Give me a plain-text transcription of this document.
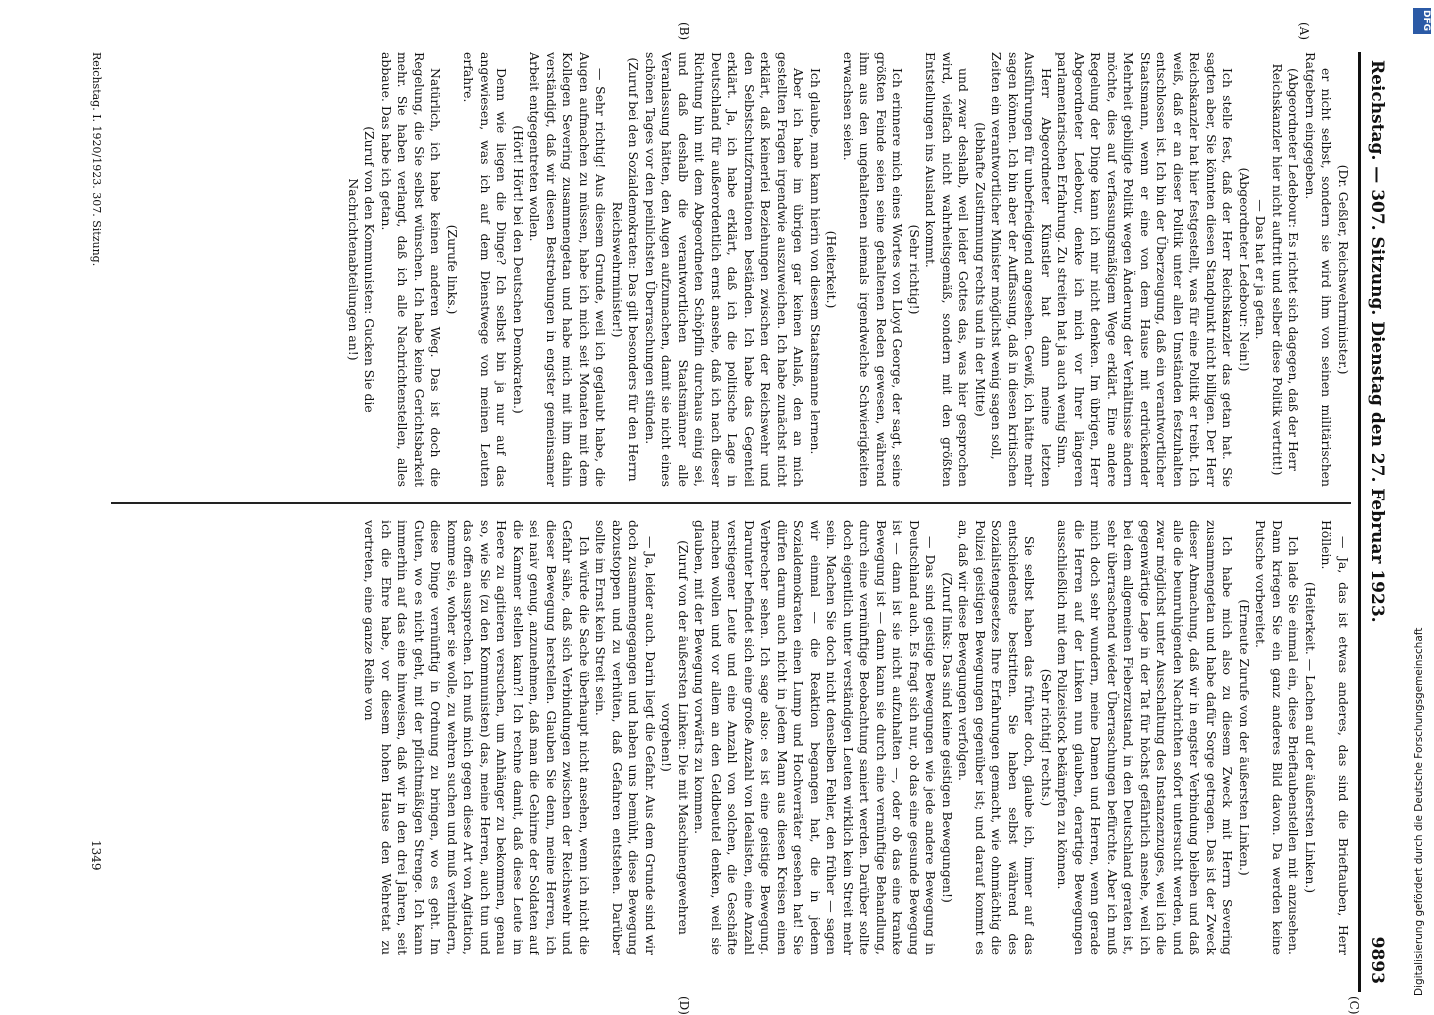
Reichstag. — 307. Sitzung. Dienstag den 27. Februar 1923.
9893

(Dr. Geßler, Reichswehrminister.)

er nicht selbst, sondern sie wird ihm von seinen militärischen Ratgebern eingegeben.

(Abgeordneter Ledebour: Es richtet sich dagegen, daß der Herr Reichskanzler hier nicht auftritt und selber diese Politik vertritt!)

— Das hat er ja getan.

(Abgeordneter Ledebour: Nein!)

Ich stelle fest, daß der Herr Reichskanzler das getan hat. Sie sagten aber, Sie könnten diesen Standpunkt nicht billigen. Der Herr Reichskanzler hat hier festgestellt, was für eine Politik er treibt. Ich weiß, daß er an dieser Politik unter allen Umständen festzuhalten entschlossen ist. Ich bin der Überzeugung, daß ein verantwortlicher Staatsmann, wenn er eine von dem Hause mit erdrückender Mehrheit gebilligte Politik wegen Änderung der Verhältnisse ändern möchte, dies auf verfassungsmäßigem Wege erklärt. Eine andere Regelung der Dinge kann ich mir nicht denken. Im übrigen, Herr Abgeordneter Ledebour, denke ich mich vor Ihrer längeren parlamentarischen Erfahrung. Zu streiten hat ja auch wenig Sinn.

Herr Abgeordneter Künstler hat dann meine letzten Ausführungen für unbefriedigend angesehen. Gewiß, ich hätte mehr sagen können. Ich bin aber der Auffassung, daß in diesen kritischen Zeiten ein verantwortlicher Minister möglichst wenig sagen soll,

(lebhafte Zustimmung rechts und in der Mitte)

und zwar deshalb, weil leider Gottes das, was hier gesprochen wird, vielfach nicht wahrheitsgemäß, sondern mit den größten Entstellungen ins Ausland kommt.

(Sehr richtig!)

Ich erinnere mich eines Wortes von Lloyd George, der sagt, seine größten Feinde seien seine gehaltenen Reden gewesen, während ihm aus den ungehaltenen niemals irgendwelche Schwierigkeiten erwachsen seien.

(Heiterkeit.)

Ich glaube, man kann hierin von diesem Staatsmanne lernen.

Aber ich habe im übrigen gar keinen Anlaß, den an mich gestellten Fragen irgendwie auszuweichen. Ich habe zunächst nicht erklärt, daß keinerlei Beziehungen zwischen der Reichswehr und den Selbstschutzformationen beständen. Ich habe das Gegenteil erklärt. Ja, ich habe erklärt, daß ich die politische Lage in Deutschland für außerordentlich ernst ansehe, daß ich nach dieser Richtung hin mit dem Abgeordneten Schöpflin durchaus einig sei, und daß deshalb die verantwortlichen Staatsmänner alle Veranlassung hätten, den Augen aufzumachen, damit sie nicht eines schönen Tages vor den peinlichsten Überraschungen stünden.

(Zuruf bei den Sozialdemokraten: Das gilt besonders für den Herrn Reichswehrminister!)

— Sehr richtig! Aus diesem Grunde, weil ich geglaubt habe, die Augen aufmachen zu müssen, habe ich mich seit Monaten mit dem Kollegen Severing zusammengetan und habe mich mit ihm dahin verständigt, daß wir diesen Bestrebungen in engster gemeinsamer Arbeit entgegentreten wollen.

(Hört! Hört! bei den Deutschen Demokraten.)

Denn wie liegen die Dinge? Ich selbst bin ja nur auf das angewiesen, was ich auf dem Dienstwege von meinen Leuten erfahre.

(Zurufe links.)

Natürlich, ich habe keinen anderen Weg. Das ist doch die Regelung, die Sie selbst wünschen. Ich habe keine Gerichtsbarkeit mehr. Sie haben verlangt, daß ich alle Nachrichtenstellen, alles abbaue. Das habe ich getan.

(Zuruf von den Kommunisten: Gucken Sie die Nachrichtenabteilungen an!)

— Ja, das ist etwas anderes, das sind die Brieftauben, Herr Höllein.

(Heiterkeit. — Lachen auf der äußersten Linken.)

Ich lade Sie einmal ein, diese Brieftaubenstellen mit anzusehen. Dann kriegen Sie ein ganz anderes Bild davon. Da werden keine Putsche vorbereitet.

(Erneute Zurufe von der äußersten Linken.)

Ich habe mich also zu diesem Zweck mit Herrn Severing zusammengetan und habe dafür Sorge getragen. Das ist der Zweck dieser Abmachung, daß wir in engster Verbindung bleiben und daß alle die beunruhigenden Nachrichten sofort untersucht werden, und zwar möglichst unter Ausschaltung des Instanzenzuges, weil ich die gegenwärtige Lage in der Tat für höchst gefährlich ansehe, weil ich bei dem allgemeinen Fieberzustand, in den Deutschland geraten ist, sehr überraschend wieder Überraschungen befürchte. Aber ich muß mich doch sehr wundern, meine Damen und Herren, wenn gerade die Herren auf der Linken nun glauben, derartige Bewegungen ausschließlich mit dem Polizeistock bekämpfen zu können.

(Sehr richtig! rechts.)

Sie selbst haben das früher doch, glaube ich, immer auf das entschiedenste bestritten. Sie haben selbst während des Sozialistengesetzes Ihre Erfahrungen gemacht, wie ohnmächtig die Polizei geistigen Bewegungen gegenüber ist; und darauf kommt es an, daß wir diese Bewegungen verfolgen.

(Zuruf links: Das sind keine geistigen Bewegungen!)

— Das sind geistige Bewegungen wie jede andere Bewegung in Deutschland auch. Es fragt sich nur, ob das eine gesunde Bewegung ist — dann ist sie nicht aufzuhalten —, oder ob das eine kranke Bewegung ist — dann kann sie durch eine vernünftige Behandlung, durch eine vernünftige Beobachtung saniert werden. Darüber sollte doch eigentlich unter verständigen Leuten wirklich kein Streit mehr sein. Machen Sie doch nicht denselben Fehler, den früher — sagen wir einmal — die Reaktion begangen hat, die in jedem Sozialdemokraten einen Lump und Hochverräter gesehen hat! Sie dürfen darum auch nicht in jedem Mann aus diesen Kreisen einen Verbrecher sehen. Ich sage also: es ist eine geistige Bewegung. Darunter befindet sich eine große Anzahl von Idealisten, eine Anzahl verstiegener Leute und eine Anzahl von solchen, die Geschäfte machen wollen und vor allem an den Geldbeutel denken, weil sie glauben, mit der Bewegung vorwärts zu kommen.

(Zuruf von der äußersten Linken: Die mit Maschinengewehren vorgehen!)

— Ja, leider auch. Darin liegt die Gefahr. Aus dem Grunde sind wir doch zusammengegangen und haben uns bemüht, diese Bewegung abzustoppen und zu verhüten, daß Gefahren entstehen. Darüber sollte im Ernst kein Streit sein.

Ich würde die Sache überhaupt nicht ansehen, wenn ich nicht die Gefahr sähe, daß sich Verbindungen zwischen der Reichswehr und dieser Bewegung herstellen. Glauben Sie denn, meine Herren, ich sei naiv genug, anzunehmen, daß man die Gehirne der Soldaten auf die Kammer stellen kann?! Ich rechne damit, daß diese Leute im Heere zu agitieren versuchen, um Anhänger zu bekommen, genau so, wie Sie (zu den Kommunisten) das, meine Herren, auch tun und das offen aussprechen. Ich muß mich gegen diese Art von Agitation, komme sie, woher sie wolle, zu wehren suchen und muß verhindern, diese Dinge vernünftig in Ordnung zu bringen, wo es geht. Im Guten, wo es nicht geht, mit der pflichtmäßigen Strenge. Ich kann immerhin auf das eine hinweisen, daß wir in den drei Jahren, seit ich die Ehre habe, vor diesem hohen Hause den Wehretat zu vertreten, eine ganze Reihe von

(A)
(B)
(C)
(D)
Reichstag. I. 1920/1923. 307. Sitzung.
1349
DFG
Digitalisierung gefördert durch die Deutsche Forschungsgemeinschaft
